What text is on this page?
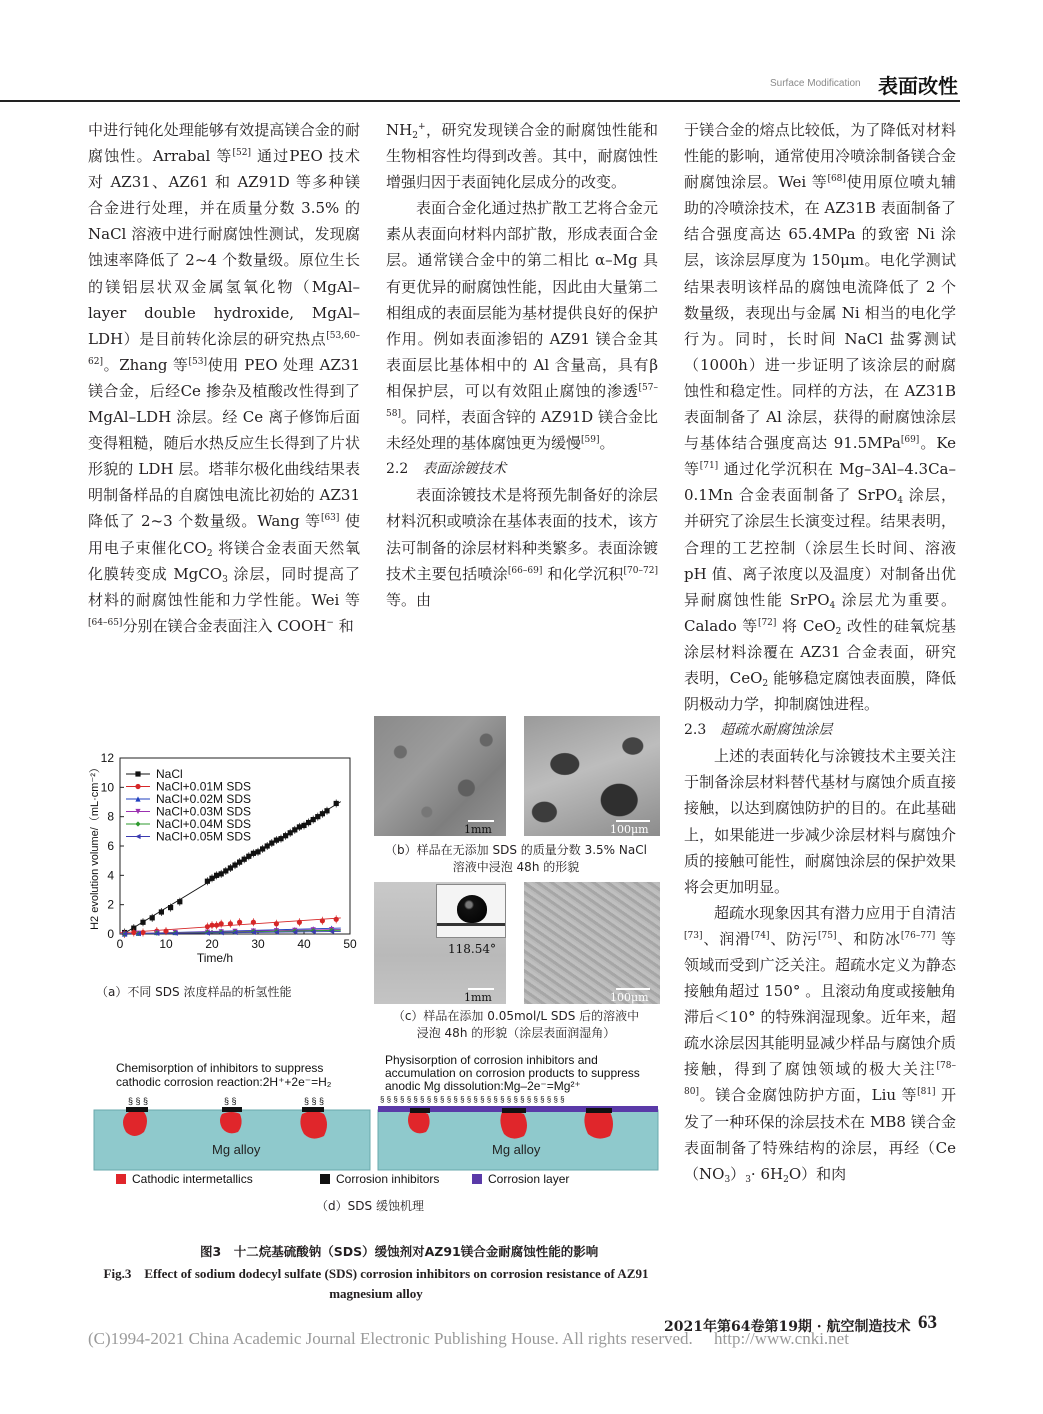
Surface Modification 表面改性

中进行钝化处理能够有效提高镁合金的耐腐蚀性。Arrabal 等[52] 通过PEO 技术对 AZ31、AZ61 和 AZ91D 等多种镁合金进行处理，并在质量分数 3.5% 的 NaCl 溶液中进行耐腐蚀性测试，发现腐蚀速率降低了 2~4 个数量级。原位生长的镁铝层状双金属氢氧化物（MgAl–layer double hydroxide, MgAl–LDH）是目前转化涂层的研究热点[53,60–62]。Zhang 等[53]使用 PEO 处理 AZ31 镁合金，后经Ce 掺杂及植酸改性得到了 MgAl–LDH 涂层。经 Ce 离子修饰后面变得粗糙，随后水热反应生长得到了片状形貌的 LDH 层。塔菲尔极化曲线结果表明制备样品的自腐蚀电流比初始的 AZ31 降低了 2~3 个数量级。Wang 等[63] 使用电子束催化$CO_2$ 将镁合金表面天然氧化膜转变成 MgCO$_3$ 涂层，同时提高了材料的耐腐蚀性能和力学性能。Wei 等[64–65]分别在镁合金表面注入 COOH− 和

$NH_2^+$，研究发现镁合金的耐腐蚀性能和生物相容性均得到改善。其中，耐腐蚀性增强归因于表面钝化层成分的改变。

表面合金化通过热扩散工艺将合金元素从表面向材料内部扩散，形成表面合金层。通常镁合金中的第二相比 α–Mg 具有更优异的耐腐蚀性能，因此由大量第二相组成的表面层能为基材提供良好的保护作用。例如表面渗铝的 AZ91 镁合金其表面层比基体相中的 Al 含量高，具有β 相保护层，可以有效阻止腐蚀的渗透[57–58]。同样，表面含锌的 AZ91D 镁合金比未经处理的基体腐蚀更为缓慢[59]。

2.2　 表面涂镀技术

表面涂镀技术是将预先制备好的涂层材料沉积或喷涂在基体表面的技术，该方法可制备的涂层材料种类繁多。表面涂镀技术主要包括喷涂[66–69] 和化学沉积[70–72] 等。由

于镁合金的熔点比较低，为了降低对材料性能的影响，通常使用冷喷涂制备镁合金耐腐蚀涂层。Wei 等[68]使用原位喷丸辅助的冷喷涂技术，在 AZ31B 表面制备了结合强度高达 65.4MPa 的致密 Ni 涂层，该涂层厚度为 150μm。电化学测试结果表明该样品的腐蚀电流降低了 2 个数量级，表现出与金属 Ni 相当的电化学行为。同时，长时间 NaCl 盐雾测试（1000h）进一步证明了该涂层的耐腐蚀性和稳定性。同样的方法，在 AZ31B 表面制备了 Al 涂层，获得的耐腐蚀涂层与基体结合强度高达 91.5MPa[69]。Ke 等[71] 通过化学沉积在 Mg–3Al–4.3Ca–0.1Mn 合金表面制备了 SrPO$_4$ 涂层，并研究了涂层生长演变过程。结果表明，合理的工艺控制（涂层生长时间、溶液 pH 值、离子浓度以及温度）对制备出优异耐腐蚀性能 SrPO$_4$ 涂层尤为重要。Calado 等[72] 将 CeO$_2$ 改性的硅氧烷基涂层材料涂覆在 AZ31 合金表面，研究表明，CeO$_2$ 能够稳定腐蚀表面膜，降低阴极动力学，抑制腐蚀进程。

2.3　 超疏水耐腐蚀涂层

上述的表面转化与涂镀技术主要关注于制备涂层材料替代基材与腐蚀介质直接接触，以达到腐蚀防护的目的。在此基础上，如果能进一步减少涂层材料与腐蚀介质的接触可能性，耐腐蚀涂层的保护效果将会更加明显。

超疏水现象因其有潜力应用于自清洁[73]、润滑[74]、防污[75]、和防冰[76–77] 等领域而受到广泛关注。超疏水定义为静态接触角超过 150° 。且滚动角度或接触角滞后＜10° 的特殊润湿现象。近年来，超疏水涂层因其能明显减少样品与腐蚀介质接触，得到了腐蚀领域的极大关注[78–80]。镁合金腐蚀防护方面，Liu 等[81] 开发了一种环保的涂层技术在 MB8 镁合金表面制备了特殊结构的涂层，再经$(Ce(NO_3)_3\cdot 6H_2O)$和肉

0	10	20	30	40	50
0
2
4
6
8
10
12
Time/h
H2 evolution volume/（mL·cm⁻²）	NaCl
NaCl+0.01M SDS
NaCl+0.02M SDS
NaCl+0.03M SDS
NaCl+0.04M SDS
NaCl+0.05M SDS
（a）不同 SDS 浓度样品的析氢性能
1mm	100μm
（b）样品在无添加 SDS 的质量分数 3.5% NaCl
溶液中浸泡 48h 的形貌
118.54°
1mm	100μm
（c）样品在添加 0.05mol/L SDS 后的溶液中
浸泡 48h 的形貌（涂层表面润湿角）
Chemisorption of inhibitors to suppress
cathodic corrosion reaction:2H⁺+2e⁻=H₂
Physisorption of corrosion inhibitors and
accumulation on corrosion products to suppress
anodic Mg dissolution:Mg–2e⁻=Mg²⁺
Mg alloy
§ § §	§ §	§ § §	§ § § § § § § § § § § § § § § § § § § § § § § § § § § §
Mg alloy
Cathodic intermetallics	Corrosion inhibitors	Corrosion layer
（d）SDS 缓蚀机理
图3　十二烷基硫酸钠（SDS）缓蚀剂对AZ91镁合金耐腐蚀性能的影响
Fig.3　Effect of sodium dodecyl sulfate (SDS) corrosion inhibitors on corrosion resistance of AZ91 magnesium alloy
(C)1994-2021 China Academic Journal Electronic Publishing House. All rights reserved.　 http://www.cnki.net
2021年第64卷第19期 · 航空制造技术 63
